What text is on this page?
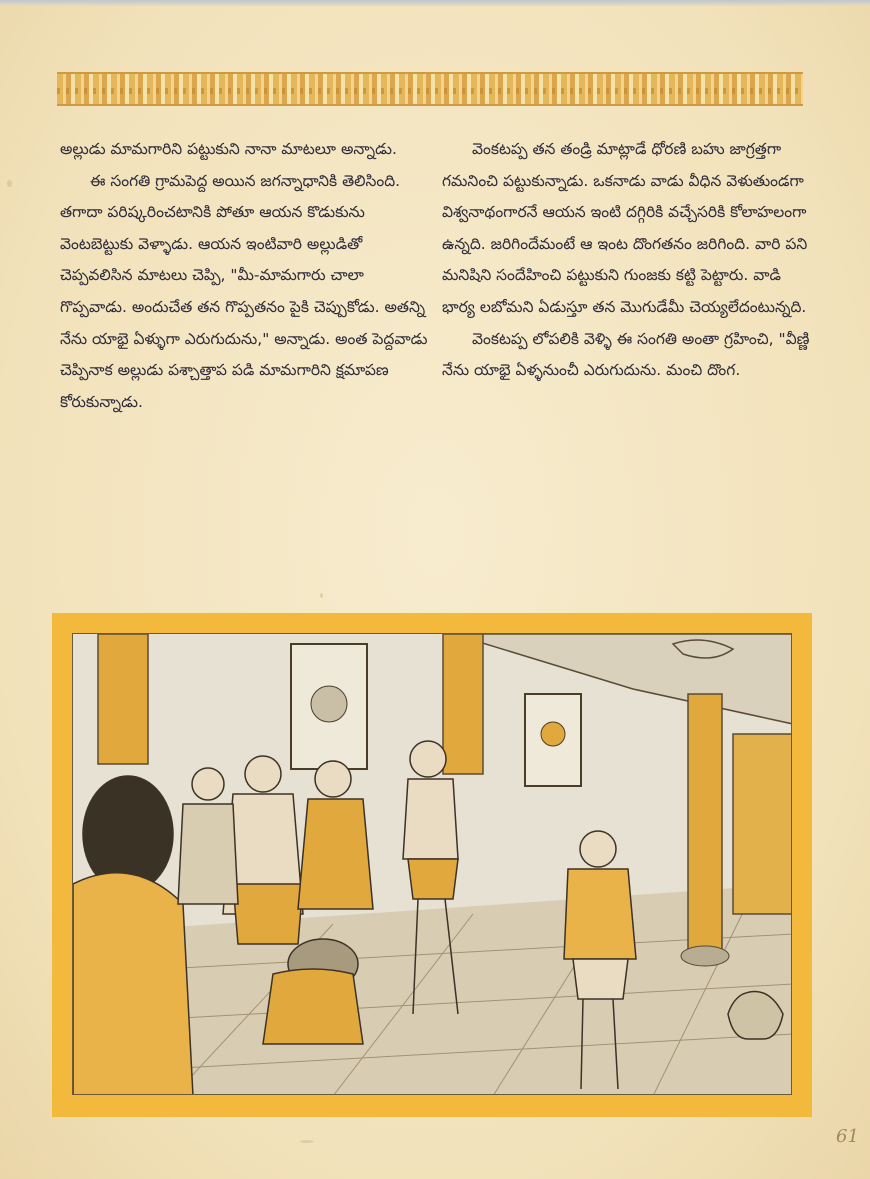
అల్లుడు మామగారిని పట్టుకుని నానా మాటలూ అన్నాడు.

ఈ సంగతి గ్రామపెద్ద అయిన జగన్నాధానికి తెలిసింది. తగాదా పరిష్కరించటానికి పోతూ ఆయన కొడుకును వెంటబెట్టుకు వెళ్ళాడు. ఆయన ఇంటివారి అల్లుడితో చెప్పవలిసిన మాటలు చెప్పి, "మీ-మామగారు చాలా గొప్పవాడు. అందుచేత తన గొప్పతనం పైకి చెప్పుకోడు. అతన్ని నేను యాభై ఏళ్ళుగా ఎరుగుదును," అన్నాడు. అంత పెద్దవాడు చెప్పినాక అల్లుడు పశ్చాత్తాప పడి మామగారిని క్షమాపణ కోరుకున్నాడు.

వెంకటప్ప తన తండ్రి మాట్లాడే ధోరణి బహు జాగ్రత్తగా గమనించి పట్టుకున్నాడు. ఒకనాడు వాడు వీధిన వెళుతుండగా విశ్వనాథంగారనే ఆయన ఇంటి దగ్గిరికి వచ్చేసరికి కోలాహలంగా ఉన్నది. జరిగిందేమంటే ఆ ఇంట దొంగతనం జరిగింది. వారి పని మనిషిని సందేహించి పట్టుకుని గుంజకు కట్టి పెట్టారు. వాడి భార్య లబోమని ఏడుస్తూ తన మొగుడేమీ చెయ్యలేదంటున్నది.

వెంకటప్ప లోపలికి వెళ్ళి ఈ సంగతి అంతా గ్రహించి, "వీణ్ణి నేను యాభై ఏళ్ళనుంచీ ఎరుగుదును. మంచి దొంగ.

61
